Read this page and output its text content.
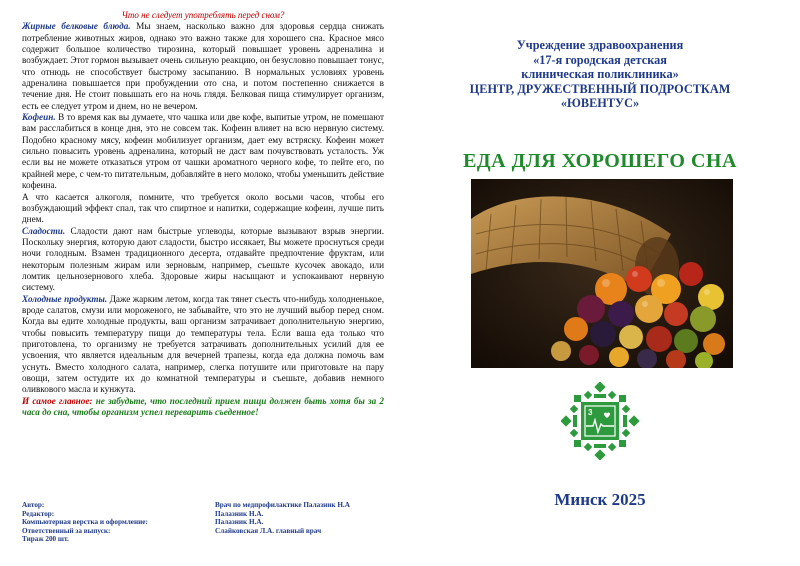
Что не следует употреблять перед сном?

Жирные белковые блюда. Мы знаем, насколько важно для здоровья сердца снижать потребление животных жиров, однако это важно также для хорошего сна. Красное мясо содержит большое количество тирозина, который повышает уровень адреналина и возбуждает. Этот гормон вызывает очень сильную реакцию, он безусловно повышает тонус, что отнюдь не способствует быстрому засыпанию. В нормальных условиях уровень адреналина повышается при пробуждении ото сна, и потом постепенно снижается в течение дня. Не стоит повышать его на ночь глядя. Белковая пища стимулирует организм, есть ее следует утром и днем, но не вечером.

Кофеин. В то время как вы думаете, что чашка или две кофе, выпитые утром, не помешают вам расслабиться в конце дня, это не совсем так. Кофеин влияет на всю нервную систему. Подобно красному мясу, кофеин мобилизует организм, дает ему встряску. Кофеин может сильно повысить уровень адреналина, который не даст вам почувствовать усталость. Уж если вы не можете отказаться утром от чашки ароматного черного кофе, то пейте его, по крайней мере, с чем-то питательным, добавляйте в него молоко, чтобы уменьшить действие кофеина.

А что касается алкоголя, помните, что требуется около восьми часов, чтобы его возбуждающий эффект спал, так что спиртное и напитки, содержащие кофеин, лучше пить днем.

Сладости. Сладости дают нам быстрые углеводы, которые вызывают взрыв энергии. Поскольку энергия, которую дают сладости, быстро иссякает, Вы можете проснуться среди ночи голодным. Взамен традиционного десерта, отдавайте предпочтение фруктам, или некоторым полезным жирам или зерновым, например, съешьте кусочек авокадо, или ломтик цельнозернового хлеба. Здоровые жиры насыщают и успокаивают нервную систему.

Холодные продукты. Даже жарким летом, когда так тянет съесть что-нибудь холодненькое, вроде салатов, смузи или мороженого, не забывайте, что это не лучший выбор перед сном. Когда вы едите холодные продукты, ваш организм затрачивает дополнительную энергию, чтобы повысить температуру пищи до температуры тела. Если ваша еда только что приготовлена, то организму не требуется затрачивать дополнительных усилий для ее усвоения, что является идеальным для вечерней трапезы, когда еда должна помочь вам уснуть. Вместо холодного салата, например, слегка потушите или приготовьте на пару овощи, затем остудите их до комнатной температуры и съешьте, добавив немного оливкового масла и кунжута.

И самое главное: не забудьте, что последний прием пищи должен быть хотя бы за 2 часа до сна, чтобы организм успел переварить съеденное!

Автор:	Врач по медпрофилактике Палазник Н.А
Редактор:	Палазник Н.А.
Компьютерная верстка и оформление:	Палазник Н.А.
Ответственный за выпуск:	Слайковская Л.А. главный врач
Тираж 200 шт.
Учреждение здравоохранения
«17-я городская детская
клиническая поликлиника»
ЦЕНТР, ДРУЖЕСТВЕННЫЙ ПОДРОСТКАМ
«ЮВЕНТУС»
ЕДА ДЛЯ ХОРОШЕГО СНА
3
Минск 2025
